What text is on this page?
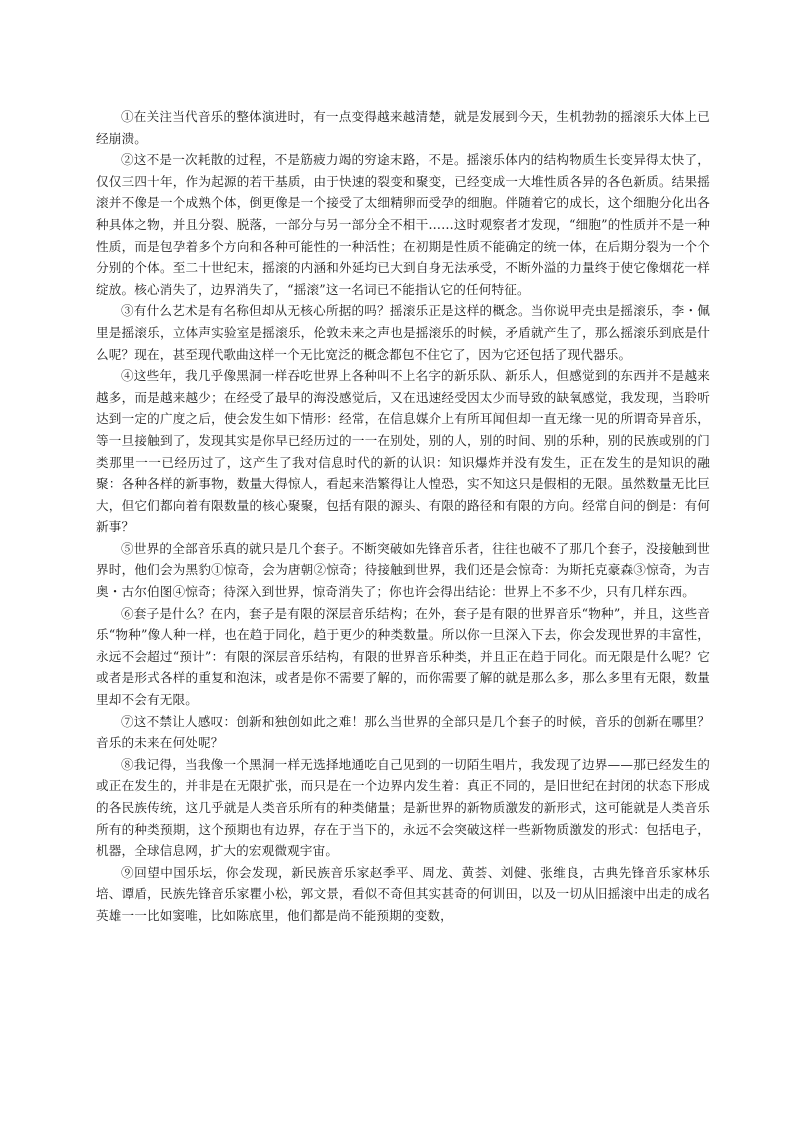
①在关注当代音乐的整体演进时，有一点变得越来越清楚，就是发展到今天，生机勃勃的摇滚乐大体上已经崩溃。

②这不是一次耗散的过程，不是筋疲力竭的穷途末路，不是。摇滚乐体内的结构物质生长变异得太快了，仅仅三四十年，作为起源的若干基质，由于快速的裂变和聚变，已经变成一大堆性质各异的各色新质。结果摇滚并不像是一个成熟个体，倒更像是一个接受了太细精卵而受孕的细胞。伴随着它的成长，这个细胞分化出各种具体之物，并且分裂、脱落，一部分与另一部分全不相干……这时观察者才发现，“细胞”的性质并不是一种性质，而是包孕着多个方向和各种可能性的一种活性；在初期是性质不能确定的统一体，在后期分裂为一个个分别的个体。至二十世纪末，摇滚的内涵和外延均已大到自身无法承受，不断外溢的力量终于使它像烟花一样绽放。核心消失了，边界消失了，“摇滚”这一名词已不能指认它的任何特征。

③有什么艺术是有名称但却从无核心所据的吗？摇滚乐正是这样的概念。当你说甲壳虫是摇滚乐，李・佩里是摇滚乐，立体声实验室是摇滚乐，伦敦未来之声也是摇滚乐的时候，矛盾就产生了，那么摇滚乐到底是什么呢？现在，甚至现代歌曲这样一个无比宽泛的概念都包不住它了，因为它还包括了现代器乐。

④这些年，我几乎像黑洞一样吞吃世界上各种叫不上名字的新乐队、新乐人，但感觉到的东西并不是越来越多，而是越来越少；在经受了最早的海没感觉后，又在迅速经受因太少而导致的缺氧感觉，我发现，当聆听达到一定的广度之后，使会发生如下情形：经常，在信息媒介上有所耳闻但却一直无缘一见的所谓奇异音乐，等一旦接触到了，发现其实是你早已经历过的一一在别处，别的人，别的时间、别的乐种，别的民族或别的门类那里一一已经历过了，这产生了我对信息时代的新的认识：知识爆炸并没有发生，正在发生的是知识的融聚：各种各样的新事物，数量大得惊人，看起来浩繁得让人惶恐，实不知这只是假相的无限。虽然数量无比巨大，但它们都向着有限数量的核心聚聚，包括有限的源头、有限的路径和有限的方向。经常自问的倒是：有何新事？

⑤世界的全部音乐真的就只是几个套子。不断突破如先锋音乐者，往往也破不了那几个套子，没接触到世界时，他们会为黑豹①惊奇，会为唐朝②惊奇；待接触到世界，我们还是会惊奇：为斯托克豪森③惊奇，为吉奥・古尔伯图④惊奇；待深入到世界，惊奇消失了；你也许会得出结论：世界上不多不少，只有几样东西。

⑥套子是什么？在内，套子是有限的深层音乐结构；在外，套子是有限的世界音乐“物种”，并且，这些音乐“物种”像人种一样，也在趋于同化，趋于更少的种类数量。所以你一旦深入下去，你会发现世界的丰富性，永远不会超过“预计”：有限的深层音乐结构，有限的世界音乐种类，并且正在趋于同化。而无限是什么呢？它或者是形式各样的重复和泡沫，或者是你不需要了解的，而你需要了解的就是那么多，那么多里有无限，数量里却不会有无限。

⑦这不禁让人感叹：创新和独创如此之难！那么当世界的全部只是几个套子的时候，音乐的创新在哪里？音乐的未来在何处呢？

⑧我记得，当我像一个黑洞一样无选择地通吃自己见到的一切陌生唱片，我发现了边界——那已经发生的或正在发生的，并非是在无限扩张，而只是在一个边界内发生着：真正不同的，是旧世纪在封闭的状态下形成的各民族传统，这几乎就是人类音乐所有的种类储量；是新世界的新物质激发的新形式，这可能就是人类音乐所有的种类预期，这个预期也有边界，存在于当下的，永远不会突破这样一些新物质激发的形式：包括电子，机器，全球信息网，扩大的宏观微观宇宙。

⑨回望中国乐坛，你会发现，新民族音乐家赵季平、周龙、黄荟、刘健、张维良，古典先锋音乐家林乐培、谭盾，民族先锋音乐家瞿小松，郭文景，看似不奇但其实甚奇的何训田，以及一切从旧摇滚中出走的成名英雄一一比如窦唯，比如陈底里，他们都是尚不能预期的变数，
